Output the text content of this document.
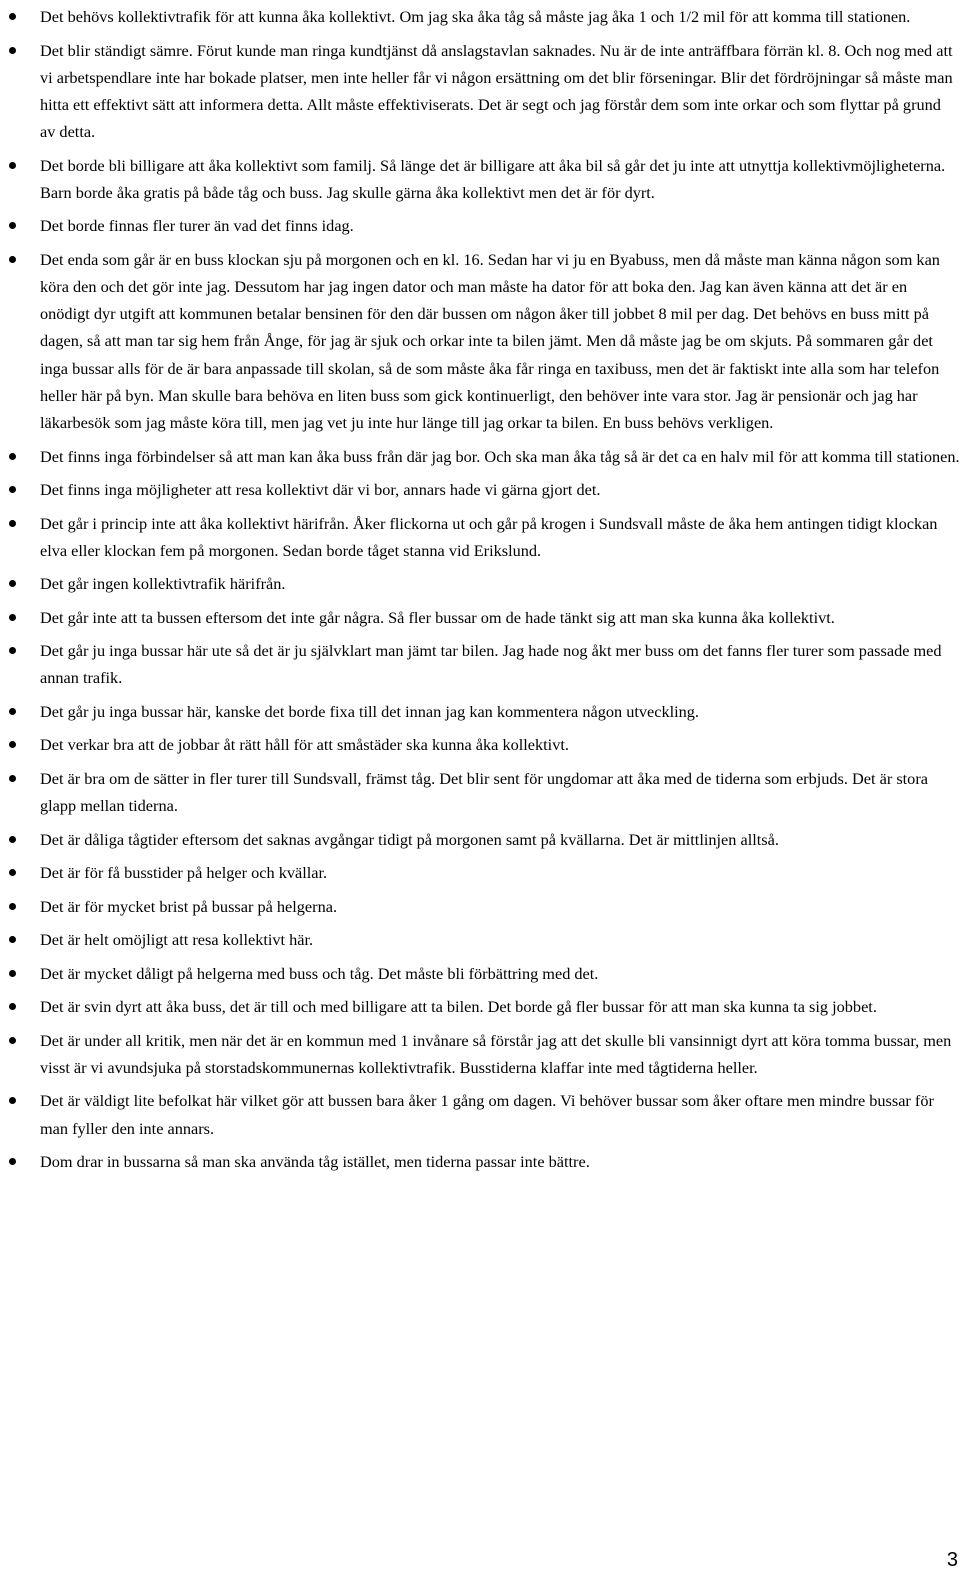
Det behövs kollektivtrafik för att kunna åka kollektivt. Om jag ska åka tåg så måste jag åka 1 och 1/2 mil för att komma till stationen.
Det blir ständigt sämre. Förut kunde man ringa kundtjänst då anslagstavlan saknades. Nu är de inte anträffbara förrän kl. 8. Och nog med att vi arbetspendlare inte har bokade platser, men inte heller får vi någon ersättning om det blir förseningar. Blir det fördröjningar så måste man hitta ett effektivt sätt att informera detta. Allt måste effektiviserats. Det är segt och jag förstår dem som inte orkar och som flyttar på grund av detta.
Det borde bli billigare att åka kollektivt som familj. Så länge det är billigare att åka bil så går det ju inte att utnyttja kollektivmöjligheterna. Barn borde åka gratis på både tåg och buss. Jag skulle gärna åka kollektivt men det är för dyrt.
Det borde finnas fler turer än vad det finns idag.
Det enda som går är en buss klockan sju på morgonen och en kl. 16. Sedan har vi ju en Byabuss, men då måste man känna någon som kan köra den och det gör inte jag. Dessutom har jag ingen dator och man måste ha dator för att boka den. Jag kan även känna att det är en onödigt dyr utgift att kommunen betalar bensinen för den där bussen om någon åker till jobbet 8 mil per dag. Det behövs en buss mitt på dagen, så att man tar sig hem från Ånge, för jag är sjuk och orkar inte ta bilen jämt. Men då måste jag be om skjuts. På sommaren går det inga bussar alls för de är bara anpassade till skolan, så de som måste åka får ringa en taxibuss, men det är faktiskt inte alla som har telefon heller här på byn. Man skulle bara behöva en liten buss som gick kontinuerligt, den behöver inte vara stor. Jag är pensionär och jag har läkarbesök som jag måste köra till, men jag vet ju inte hur länge till jag orkar ta bilen. En buss behövs verkligen.
Det finns inga förbindelser så att man kan åka buss från där jag bor. Och ska man åka tåg så är det ca en halv mil för att komma till stationen.
Det finns inga möjligheter att resa kollektivt där vi bor, annars hade vi gärna gjort det.
Det går i princip inte att åka kollektivt härifrån. Åker flickorna ut och går på krogen i Sundsvall måste de åka hem antingen tidigt klockan elva eller klockan fem på morgonen. Sedan borde tåget stanna vid Erikslund.
Det går ingen kollektivtrafik härifrån.
Det går inte att ta bussen eftersom det inte går några. Så fler bussar om de hade tänkt sig att man ska kunna åka kollektivt.
Det går ju inga bussar här ute så det är ju självklart man jämt tar bilen. Jag hade nog åkt mer buss om det fanns fler turer som passade med annan trafik.
Det går ju inga bussar här, kanske det borde fixa till det innan jag kan kommentera någon utveckling.
Det verkar bra att de jobbar åt rätt håll för att småstäder ska kunna åka kollektivt.
Det är bra om de sätter in fler turer till Sundsvall, främst tåg. Det blir sent för ungdomar att åka med de tiderna som erbjuds. Det är stora glapp mellan tiderna.
Det är dåliga tågtider eftersom det saknas avgångar tidigt på morgonen samt på kvällarna. Det är mittlinjen alltså.
Det är för få busstider på helger och kvällar.
Det är för mycket brist på bussar på helgerna.
Det är helt omöjligt att resa kollektivt här.
Det är mycket dåligt på helgerna med buss och tåg. Det måste bli förbättring med det.
Det är svin dyrt att åka buss, det är till och med billigare att ta bilen. Det borde gå fler bussar för att man ska kunna ta sig jobbet.
Det är under all kritik, men när det är en kommun med 1 invånare så förstår jag att det skulle bli vansinnigt dyrt att köra tomma bussar, men visst är vi avundsjuka på storstadskommunernas kollektivtrafik. Busstiderna klaffar inte med tågtiderna heller.
Det är väldigt lite befolkat här vilket gör att bussen bara åker 1 gång om dagen. Vi behöver bussar som åker oftare men mindre bussar för man fyller den inte annars.
Dom drar in bussarna så man ska använda tåg istället, men tiderna passar inte bättre.
3
